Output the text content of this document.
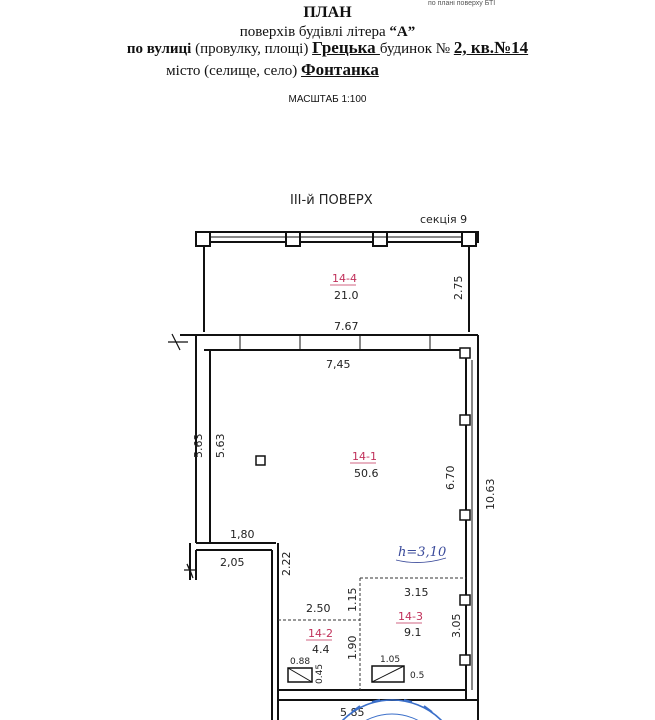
по плані поверху БТІ
ПЛАН
поверхів будівлі літера “А”
по вулиці (провулку, площі) Грецька будинок № 2, кв.№14
місто (селище, село) Фонтанка
МАСШТАБ 1:100
III-й ПОВЕРХ
секція 9
14-4
21.0
14-1
50.6
14-2
4.4
14-3
9.1
7.67
7,45
2.75
5.63 5.63
6.70
10.63
1,80
2,05	2.22
2.50 1.15
1.90
3.15
3.05
0.88
0.45
1.05
0.5
5.85
h=3,10
